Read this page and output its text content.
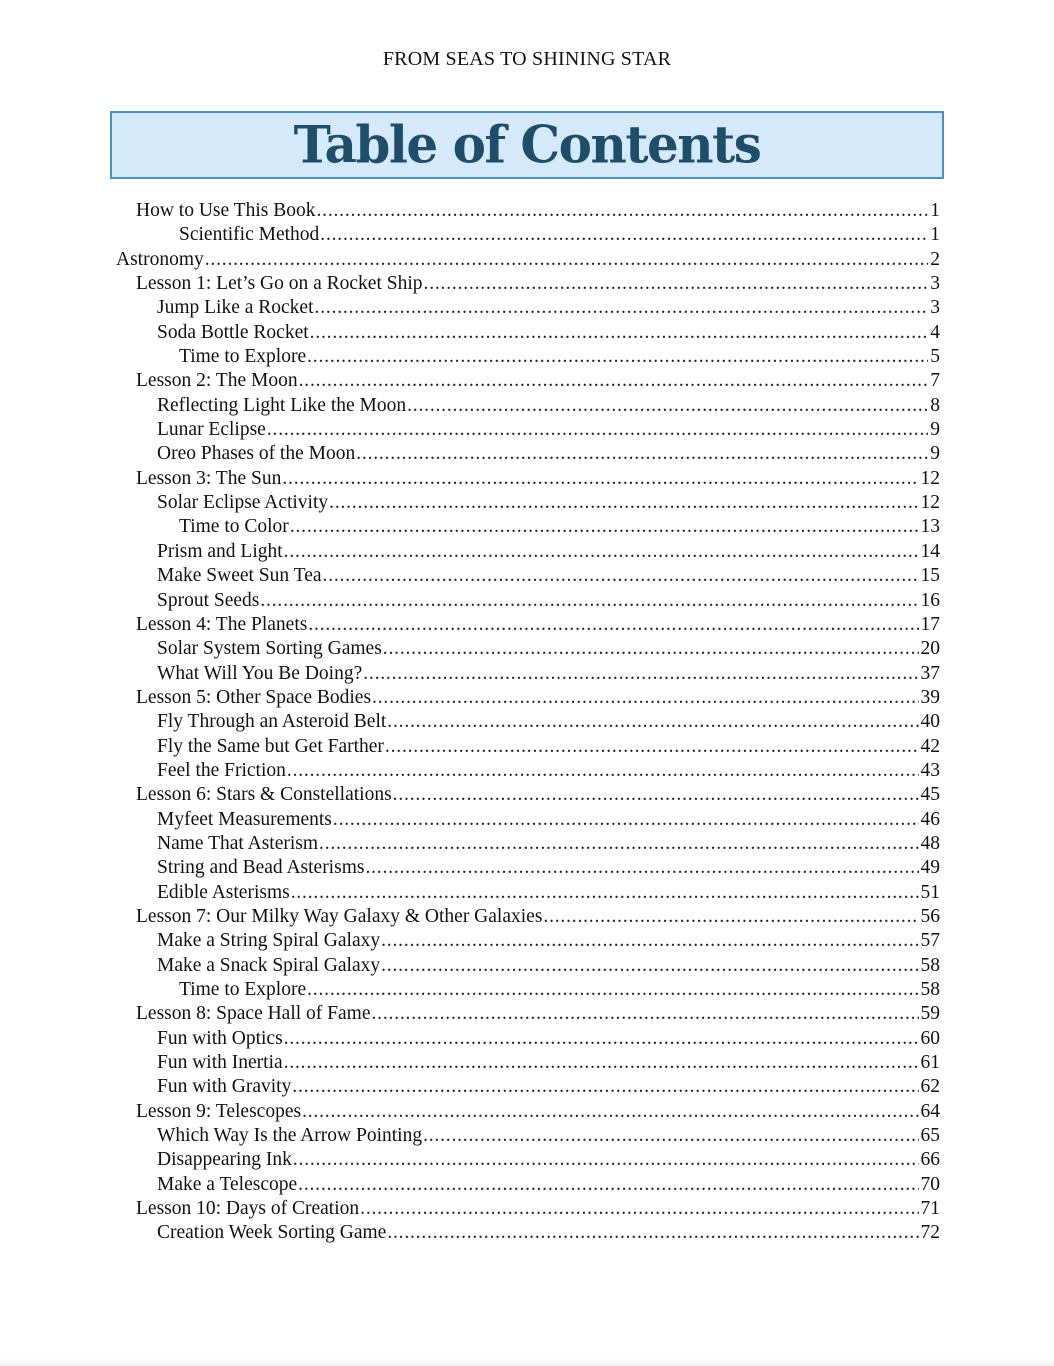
FROM SEAS TO SHINING STAR
Table of Contents
How to Use This Book .....	1
Scientific Method .....	1
Astronomy .....	2
Lesson 1: Let’s Go on a Rocket Ship .....	3
Jump Like a Rocket .....	3
Soda Bottle Rocket .....	4
Time to Explore .....	5
Lesson 2: The Moon .....	7
Reflecting Light Like the Moon .....	8
Lunar Eclipse .....	9
Oreo Phases of the Moon .....	9
Lesson 3: The Sun .....	12
Solar Eclipse Activity .....	12
Time to Color .....	13
Prism and Light .....	14
Make Sweet Sun Tea .....	15
Sprout Seeds .....	16
Lesson 4: The Planets .....	17
Solar System Sorting Games .....	20
What Will You Be Doing? .....	37
Lesson 5: Other Space Bodies .....	39
Fly Through an Asteroid Belt .....	40
Fly the Same but Get Farther .....	42
Feel the Friction .....	43
Lesson 6: Stars & Constellations .....	45
Myfeet Measurements .....	46
Name That Asterism .....	48
String and Bead Asterisms .....	49
Edible Asterisms .....	51
Lesson 7: Our Milky Way Galaxy & Other Galaxies .....	56
Make a String Spiral Galaxy .....	57
Make a Snack Spiral Galaxy .....	58
Time to Explore .....	58
Lesson 8: Space Hall of Fame .....	59
Fun with Optics .....	60
Fun with Inertia .....	61
Fun with Gravity .....	62
Lesson 9: Telescopes .....	64
Which Way Is the Arrow Pointing .....	65
Disappearing Ink .....	66
Make a Telescope .....	70
Lesson 10: Days of Creation .....	71
Creation Week Sorting Game .....	72
